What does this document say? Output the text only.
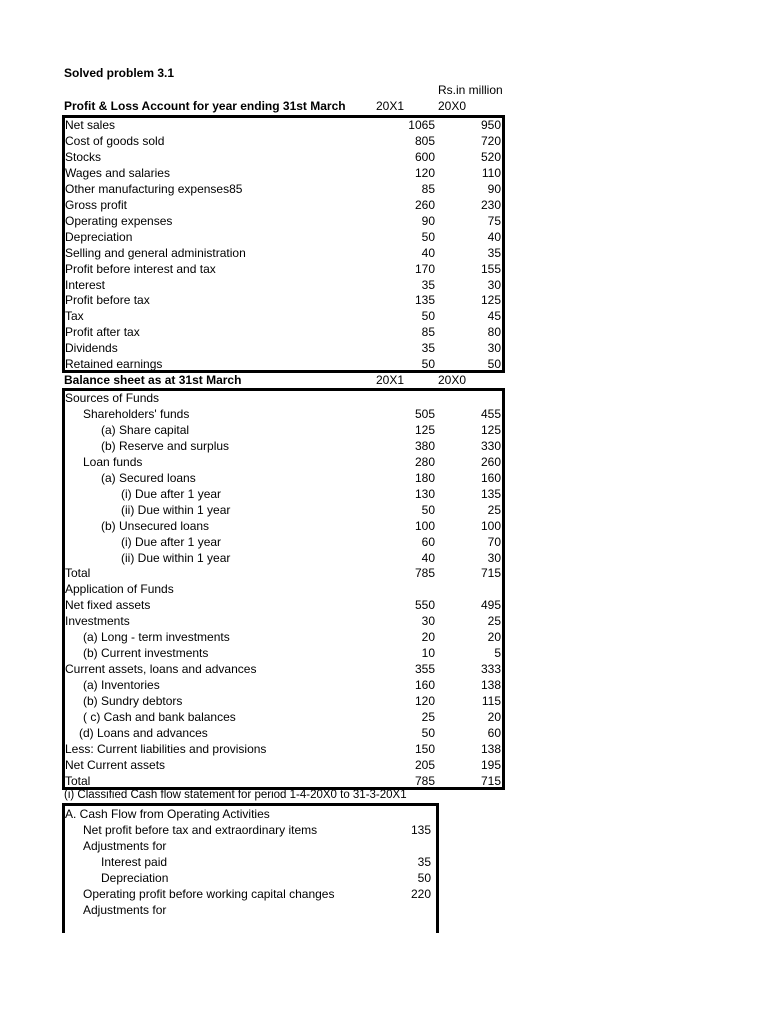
Solved problem 3.1
Rs.in million
Profit & Loss Account for year ending 31st March	20X1	20X0
Net sales	1065	950
Cost of goods sold	805	720
Stocks	600	520
Wages and salaries	120	110
Other manufacturing expenses85	85	90
Gross profit	260	230
Operating expenses	90	75
Depreciation	50	40
Selling and general administration	40	35
Profit before interest and tax	170	155
Interest	35	30
Profit before tax	135	125
Tax	50	45
Profit after tax	85	80
Dividends	35	30
Retained earnings	50	50
Balance sheet as at 31st March	20X1	20X0
Sources of Funds
Shareholders' funds	505	455
(a) Share capital	125	125
(b) Reserve and surplus	380	330
Loan funds	280	260
(a) Secured loans	180	160
(i) Due after 1 year	130	135
(ii) Due within 1 year	50	25
(b) Unsecured loans	100	100
(i) Due after 1 year	60	70
(ii) Due within 1 year	40	30
Total	785	715
Application of Funds
Net fixed assets	550	495
Investments	30	25
(a) Long - term investments	20	20
(b) Current investments	10	5
Current assets, loans and advances	355	333
(a) Inventories	160	138
(b) Sundry debtors	120	115
( c) Cash and bank balances	25	20
(d) Loans and advances	50	60
Less: Current liabilities and provisions	150	138
Net Current assets	205	195
Total	785	715
(i) Classified Cash flow statement for period 1-4-20X0 to 31-3-20X1
A. Cash Flow from Operating Activities
Net profit before tax and extraordinary items	135
Adjustments for
Interest paid	35
Depreciation	50
Operating profit before working capital changes	220
Adjustments for
